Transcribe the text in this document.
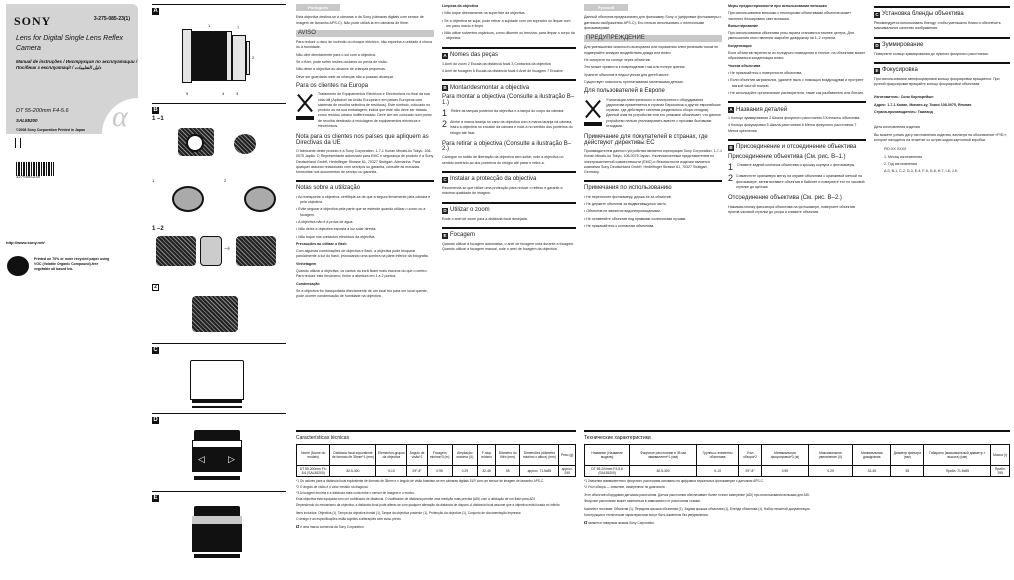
SONY	3-275-085-23(1)
Lens for Digital Single Lens Reflex Camera
Manual de instruções / Инструкция по эксплуатации / Посібник з експлуатації / دليل التعليمات
DT 55-200mm F4-5.6
SAL55200
©2008 Sony Corporation Printed in Japan α
3275085230
http://www.sony.net/
Printed on 70% or more recycled paper using VOC (Volatile Organic Compound)-free vegetable oil based ink.
A
1	7
2
3
4
5
B
1 –1
1	2
1 –2
➜
2
C
D
◁	▷
E
Português

Esta objectiva destina-se a câmaras α da Sony (câmaras digitais com sensor de imagem de tamanho APS-C). Não pode utilizá-la em câmaras de filme.

AVISO

Para reduzir o risco de incêndio ou choque eléctrico, não exponha a unidade à chuva ou à humidade.

Não olhe directamente para o sol com a objectiva.

Se o fizer, pode sofrer lesões oculares ou perda de visão.

Não deixe a objectiva ao alcance de crianças pequenas.

Deve ser guardada onde as crianças não a possam alcançar.

Para os clientes na Europa

Tratamento de Equipamentos Eléctricos e Electrónicos no final da sua vida útil (Aplicável na União Europeia e em países Europeus com sistemas de recolha selectiva de resíduos). Este símbolo, colocado no produto ou na sua embalagem, indica que este não deve ser tratado como resíduo urbano indiferenciado. Deve sim ser colocado num ponto de recolha destinado à reciclagem de equipamentos eléctricos e electrónicos.

Nota para os clientes nos países que apliquem as Directivas da UE

O fabricante deste produto é a Sony Corporation, 1-7-1 Konan Minato-ku Tokyo, 108-0075 Japão. O Representante autorizado para EMC e segurança de produto é a Sony Deutschland GmbH, Hedelfinger Strasse 61, 70327 Stuttgart, Alemanha. Para qualquer assunto relacionado com serviços ou garantia, consulte as moradas fornecidas nos documentos de serviço ou garantia.

Notas sobre a utilização

• Ao transportar a objectiva, certifique-se de que a segura firmemente pela câmara e pela objectiva.

• Evite segurar a objectiva pela parte que se estende quando utilizar o zoom ou a focagem.

• A objectiva não é à prova de água.

• Não deixe a objectiva exposta à luz solar directa.

• Não toque nos contactos eléctricos da objectiva.

Precauções ao utilizar o flash

Com algumas combinações de objectiva e flash, a objectiva pode bloquear parcialmente a luz do flash, provocando uma sombra na parte inferior da fotografia.

Vinhetagem

Quando utilizar a objectiva, os cantos do ecrã ficam mais escuros do que o centro. Para reduzir este fenómeno, feche a abertura em 1 a 2 pontos.

Condensação

Se a objectiva for transportada directamente de um local frio para um local quente, pode ocorrer condensação de humidade na objectiva.

Limpeza da objectiva

• Não toque directamente na superfície da objectiva.

• Se a objectiva se sujar, pode retirar a sujidade com um soprador ou limpar com um pano macio e limpo.

• Não utilize solventes orgânicos, como diluente ou benzina, para limpar o corpo da objectiva.

A Nomes das peças

1 Anel do zoom 2 Escala da distância focal 3 Contactos da objectiva

4 Anel de focagem 5 Escala da distância focal 6 Anel de focagem 7 Encaixe

B Montar/desmontar a objectiva
Para montar a objectiva (Consulte a ilustração B–1.)
1 Retire as tampas posterior da objectiva e a tampa do corpo da câmara.

2 Alinhe a marca laranja no cano da objectiva com a marca laranja na câmara, insira a objectiva no encaixe da câmara e rode-a no sentido dos ponteiros do relógio até fixar.

Para retirar a objectiva (Consulte a ilustração B–2.)

Carregue no botão de libertação da objectiva sem soltar, rode a objectiva no sentido contrário ao dos ponteiros do relógio até parar e retire-a.

C Instalar a protecção da objectiva

Recomenda-se que utilize uma protecção para reduzir o reflexo e garantir a máxima qualidade de imagem.

D Utilizar o zoom

Rode o anel de zoom para a distância focal desejada.

E Focagem

Quando utilizar a focagem automática, o anel de focagem roda durante a focagem. Quando utilizar a focagem manual, rode o anel de focagem da objectiva.

Русский

Данный объектив предназначен для фотокамер Sony α (цифровые фотокамеры с датчиком изображения APS-C). Его нельзя использовать с пленочными фотокамерами.

ПРЕДУПРЕЖДЕНИЕ

Для уменьшения опасности возгорания или поражения электрическим током не подвергайте аппарат воздействию дождя или влаги.

Не смотрите на солнце через объектив.

Это может привести к повреждению глаз или потере зрения.

Храните объектив в недоступном для детей месте.

Существует опасность проглатывания маленькими детьми.

Для пользователей в Европе

Утилизация электрического и электронного оборудования (директива применяется в странах Евросоюза и других европейских странах, где действуют системы раздельного сбора отходов). Данный знак на устройстве или его упаковке обозначает, что данное устройство нельзя утилизировать вместе с прочими бытовыми отходами.

Примечание для покупателей в странах, где действуют директивы ЕС

Производителем данного устройства является корпорация Sony Corporation, 1-7-1 Konan Minato-ku Tokyo, 108-0075 Japan. Уполномоченным представителем по электромагнитной совместимости (EMC) и безопасности изделия является компания Sony Deutschland GmbH, Hedelfinger Strasse 61, 70327 Stuttgart, Germany.

Примечания по использованию

• Не переносите фотокамеру, держа ее за объектив.

• Не держите объектив за выдвигающуюся часть.

• Объектив не является водонепроницаемым.

• Не оставляйте объектив под прямыми солнечными лучами.

• Не прикасайтесь к контактам объектива.

Меры предосторожности при использовании вспышки

При использовании вспышки с некоторыми объективами объектив может частично блокировать свет вспышки.

Виньетирование

При использовании объектива углы экрана становятся темнее центра. Для уменьшения этого явления закройте диафрагму на 1–2 ступени.

Конденсация

Если объектив перенести из холодного помещения в теплое, на объективе может образоваться конденсация влаги.

Чистка объектива

• Не прикасайтесь к поверхности объектива.

• Если объектив загрязнился, удалите пыль с помощью воздуходувки и протрите мягкой чистой тканью.

• Не используйте органические растворители, такие как разбавитель или бензин.

A Названия деталей

1 Кольцо зуммирования 2 Шкала фокусного расстояния 3 Контакты объектива

4 Кольцо фокусировки 5 Шкала расстояния 6 Метка фокусного расстояния 7 Метка крепления

B Присоединение и отсоединение объектива
Присоединение объектива (См. рис. B–1.)
1 Снимите задний колпачок объектива и крышку корпуса с фотокамеры.

2 Совместите оранжевую метку на оправе объектива с оранжевой меткой на фотокамере, затем вставьте объектив в байонет и поверните его по часовой стрелке до щелчка.

Отсоединение объектива (См. рис. B–2.)

Нажимая кнопку фиксатора объектива на фотокамере, поверните объектив против часовой стрелки до упора и снимите объектив.

C Установка бленды объектива

Рекомендуется использовать бленду, чтобы уменьшить блики и обеспечить максимальное качество изображения.

D Зуммирование

Поверните кольцо зуммирования до нужного фокусного расстояния.

E Фокусировка

При использовании автофокусировки кольцо фокусировки вращается. При ручной фокусировке вращайте кольцо фокусировки объектива.

Изготовитель: Сони Корпорейшн

Адрес: 1-7-1 Конан, Минато-ку, Токио 108-0075, Япония

Страна-производитель: Таиланд

Дата изготовления изделия

Вы можете узнать дату изготовления изделия, взглянув на обозначение «P/D:», которое находится на этикетке со штрих кодом картонной коробки.

P/D:XX XXXX

1. Месяц изготовления

2. Год изготовления

A-0, B-1, C-2, D-3, E-4, F-5, G-6, H-7, I-8, J-9.

Características técnicas
Nome (Nome do modelo)	Distância focal equivalente de formato de 35mm*1 (mm)	Elementos-grupos da objectiva	Ângulo de visão*2	Focagem mínima*3 (m)	Ampliação máxima (X)	F-stop mínimo	Diâmetro do filtro (mm)	Dimensões (diâmetro máximo x altura) (mm)	Peso (g)
DT 55-200mm F4-5.6 (SAL55200)	82.5-300	9-13	29°-8°	0.95	0.29	32-45	55	approx. 71.5x85	approx. 295

*1 Os valores para a distância focal equivalente de formato de 35mm e o ângulo de visão baseiam-se em câmaras digitais SLR com um sensor de imagem de tamanho APS-C.

*2 O ângulo de visão é o valor medido na diagonal.

*3 A focagem mínima é a distância mais curta entre o sensor de imagem e o motivo.

Esta objectiva está equipada com um codificador de distância. O codificador de distância permite uma medição mais precisa (ADI) com a utilização de um flash para ADI.

Dependendo do mecanismo da objectiva, a distância focal pode alterar-se com qualquer alteração da distância de disparo. A distância focal assume que a objectiva está focada no infinito.

Itens incluídos: Objectiva (1), Tampa da objectiva frontal (1), Tampa da objectiva posterior (1), Protecção da objectiva (1), Conjunto de documentação impressa

O design e as especificações estão sujeitos a alterações sem aviso prévio.

α é uma marca comercial da Sony Corporation.

Технические характеристики
Название (Название модели)	Фокусное расстояние в 35 мм эквиваленте*1 (мм)	Группы и элементы объектива	Угол обзора*2	Минимальная фокусировка*3 (м)	Максимальное увеличение (X)	Минимальная диафрагма	Диаметр фильтра (мм)	Габариты (максимальный диаметр × высота) (мм)	Масса (г)
DT 55-200mm F4-5.6 (SAL55200)	82.5-300	9-13	29°-8°	0.95	0.29	32-45	55	Прибл. 71.5x85	Прибл. 295

*1 Значения эквивалентного фокусного расстояния основаны на цифровых зеркальных фотокамерах с датчиком APS-C.

*2 Угол обзора — значение, измеренное по диагонали.

Этот объектив оборудован датчиком расстояния. Датчик расстояния обеспечивает более точное измерение (ADI) при использовании вспышки для ADI.

Фокусное расстояние может изменяться в зависимости от расстояния съемки.

Комплект поставки: Объектив (1), Передняя крышка объектива (1), Задняя крышка объектива (1), Бленда объектива (1), Набор печатной документации

Конструкция и технические характеристики могут быть изменены без уведомления.

α является товарным знаком Sony Corporation.
